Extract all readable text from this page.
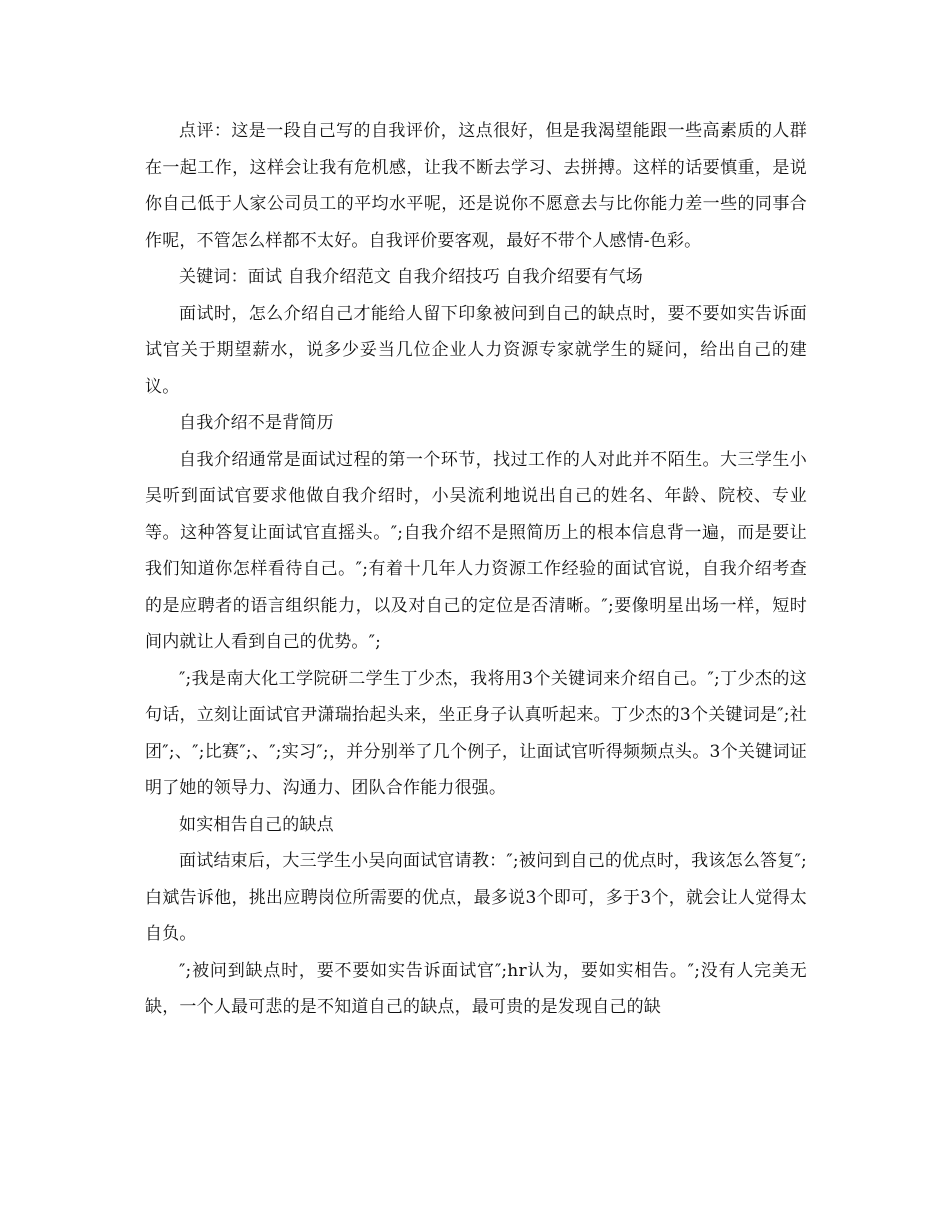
点评：这是一段自己写的自我评价，这点很好，但是我渴望能跟一些高素质的人群在一起工作，这样会让我有危机感，让我不断去学习、去拼搏。这样的话要慎重，是说你自己低于人家公司员工的平均水平呢，还是说你不愿意去与比你能力差一些的同事合作呢，不管怎么样都不太好。自我评价要客观，最好不带个人感情-色彩。

关键词：面试 自我介绍范文 自我介绍技巧 自我介绍要有气场

面试时，怎么介绍自己才能给人留下印象被问到自己的缺点时，要不要如实告诉面试官关于期望薪水，说多少妥当几位企业人力资源专家就学生的疑问，给出自己的建议。

自我介绍不是背简历

自我介绍通常是面试过程的第一个环节，找过工作的人对此并不陌生。大三学生小吴听到面试官要求他做自我介绍时，小吴流利地说出自己的姓名、年龄、院校、专业等。这种答复让面试官直摇头。″;自我介绍不是照简历上的根本信息背一遍，而是要让我们知道你怎样看待自己。″;有着十几年人力资源工作经验的面试官说，自我介绍考查的是应聘者的语言组织能力，以及对自己的定位是否清晰。″;要像明星出场一样，短时间内就让人看到自己的优势。″;

″;我是南大化工学院研二学生丁少杰，我将用3个关键词来介绍自己。″;丁少杰的这句话，立刻让面试官尹潇瑞抬起头来，坐正身子认真听起来。丁少杰的3个关键词是″;社团″;、″;比赛″;、″;实习″;，并分别举了几个例子，让面试官听得频频点头。3个关键词证明了她的领导力、沟通力、团队合作能力很强。

如实相告自己的缺点

面试结束后，大三学生小吴向面试官请教：″;被问到自己的优点时，我该怎么答复″;白斌告诉他，挑出应聘岗位所需要的优点，最多说3个即可，多于3个，就会让人觉得太自负。

″;被问到缺点时，要不要如实告诉面试官″;hr认为，要如实相告。″;没有人完美无缺，一个人最可悲的是不知道自己的缺点，最可贵的是发现自己的缺
